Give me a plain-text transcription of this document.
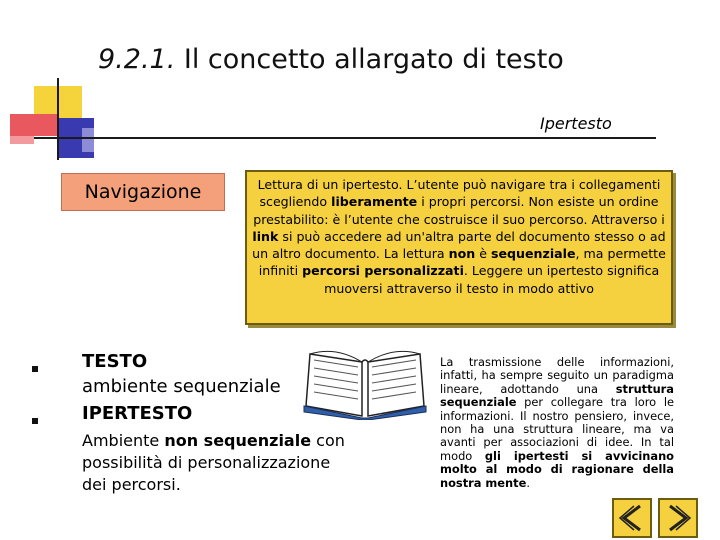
9.2.1. Il concetto allargato di testo
Ipertesto
Navigazione	Lettura di un ipertesto. L’utente può navigare tra i collegamenti scegliendo liberamente i propri percorsi. Non esiste un ordine prestabilito: è l’utente che costruisce il suo percorso. Attraverso i link si può accedere ad un'altra parte del documento stesso o ad un altro documento. La lettura non è sequenziale, ma permette infiniti percorsi personalizzati. Leggere un ipertesto significa muoversi attraverso il testo in modo attivo
TESTO
ambiente sequenziale
IPERTESTO
Ambiente non sequenziale con possibilità di personalizzazione dei percorsi.
La trasmissione delle informazioni, infatti, ha sempre seguito un paradigma lineare, adottando una struttura sequenziale per collegare tra loro le informazioni. Il nostro pensiero, invece, non ha una struttura lineare, ma va avanti per associazioni di idee. In tal modo gli ipertesti si avvicinano molto al modo di ragionare della nostra mente.
